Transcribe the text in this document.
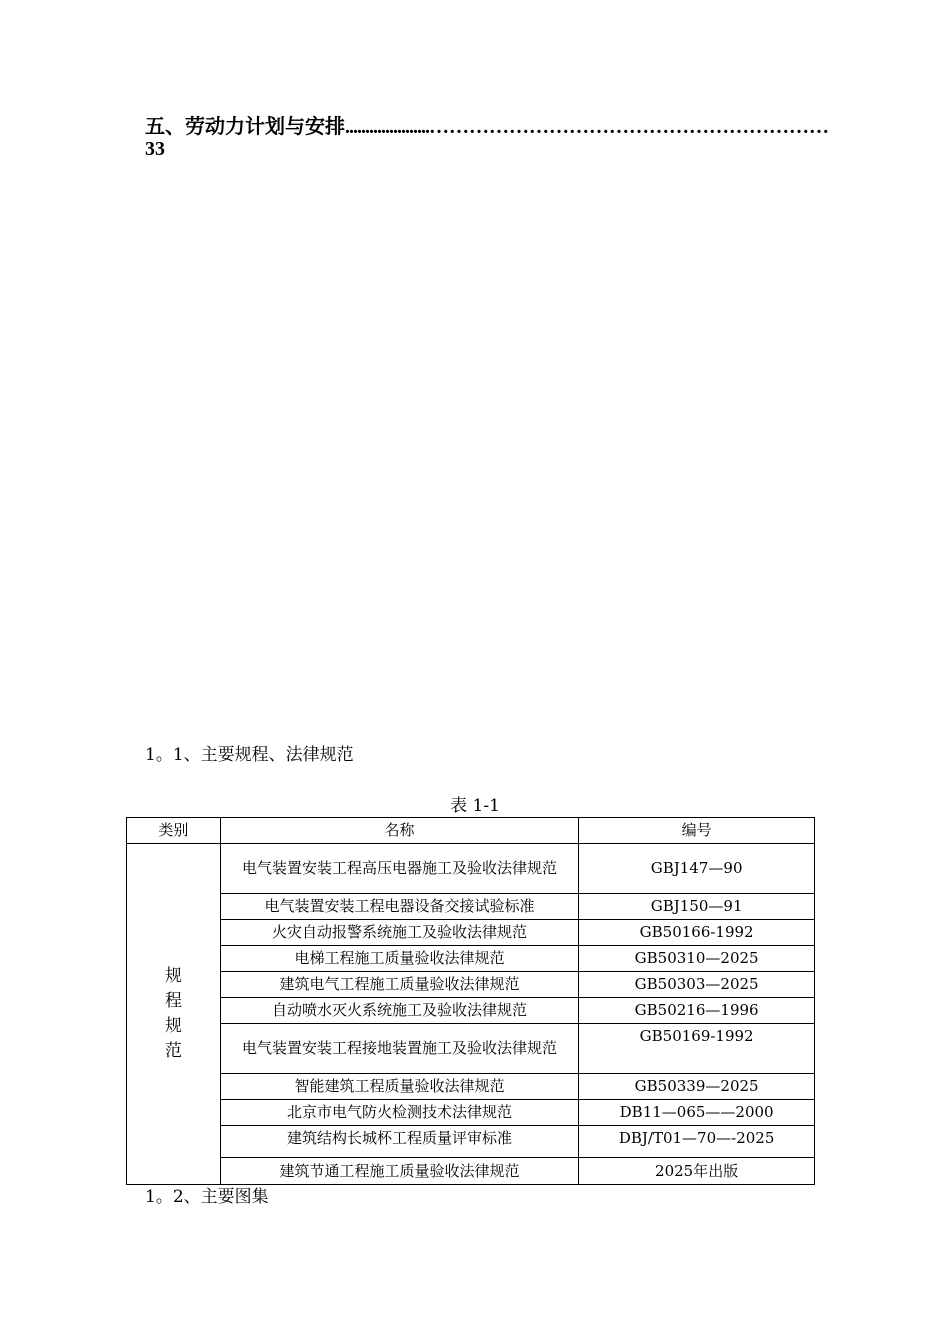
五、劳动力计划与安排.....................……………………………………………………
33
1。1、主要规程、法律规范
表 1-1
类别	名称	编号
规程规范	电气装置安装工程高压电器施工及验收法律规范	GBJ147—90
	电气装置安装工程电器设备交接试验标准	GBJ150—91
	火灾自动报警系统施工及验收法律规范	GB50166-1992
	电梯工程施工质量验收法律规范	GB50310—2025
	建筑电气工程施工质量验收法律规范	GB50303—2025
	自动喷水灭火系统施工及验收法律规范	GB50216—1996
	电气装置安装工程接地装置施工及验收法律规范	GB50169-1992
	智能建筑工程质量验收法律规范	GB50339—2025
	北京市电气防火检测技术法律规范	DB11—065——2000
	建筑结构长城杯工程质量评审标准	DBJ/T01—70—-2025
	建筑节通工程施工质量验收法律规范	2025年出版
1。2、主要图集
